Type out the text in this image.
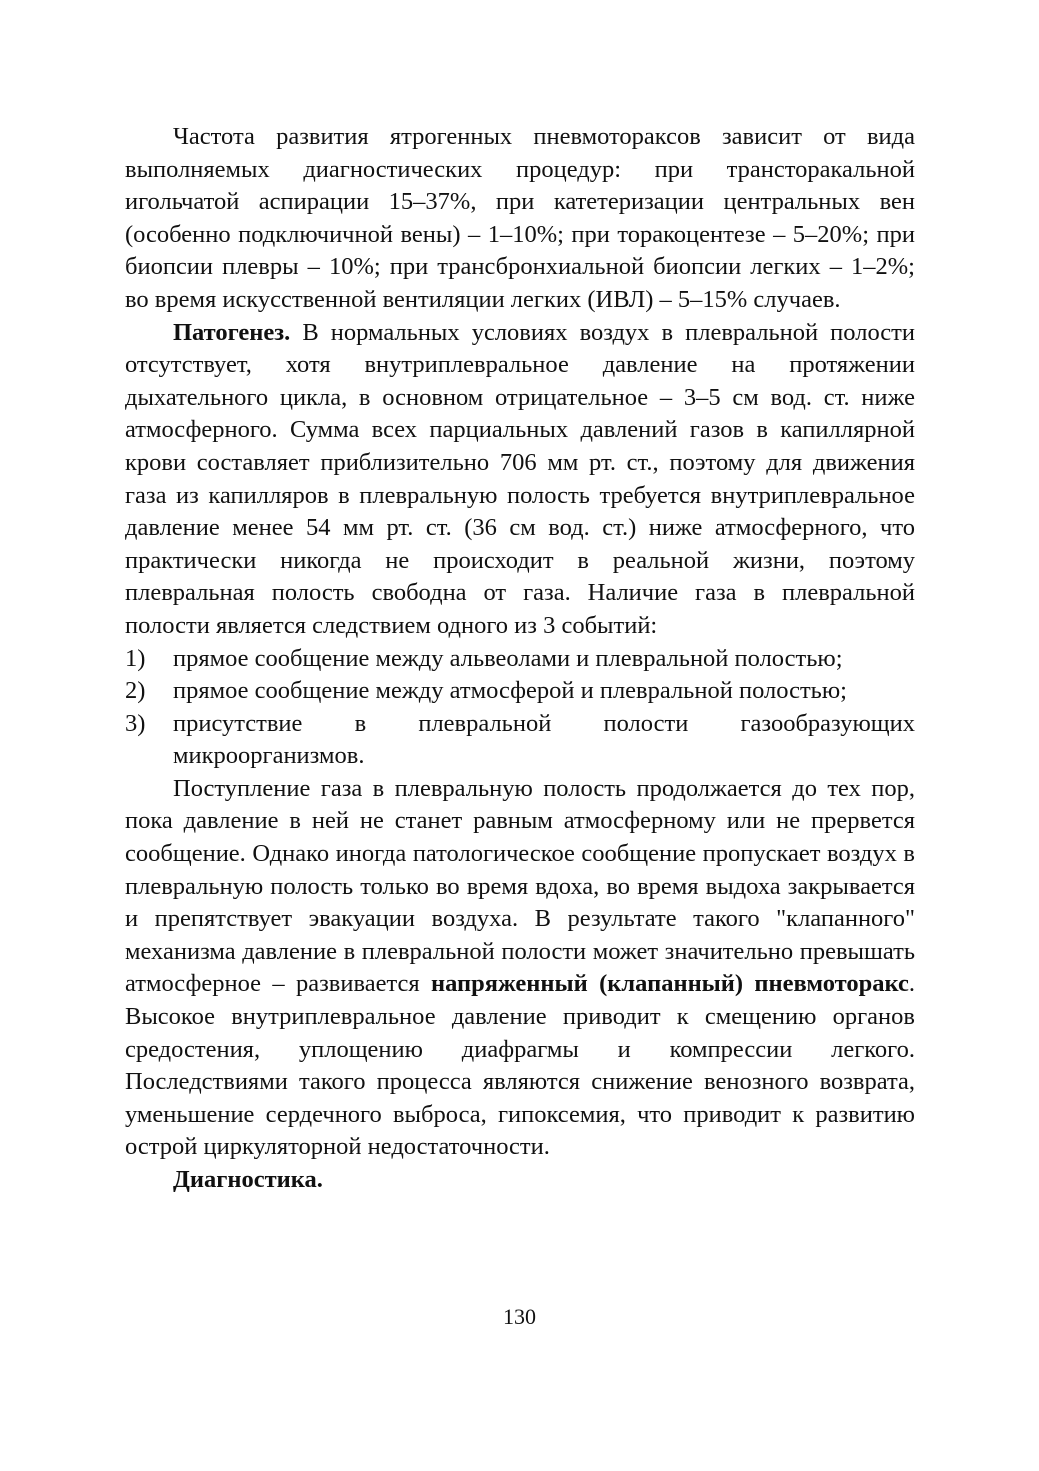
Частота развития ятрогенных пневмотораксов зависит от вида выполняемых диагностических процедур: при трансторакальной игольчатой аспирации 15–37%, при катетеризации центральных вен (особенно подключичной вены) – 1–10%; при торакоцентезе – 5–20%; при биопсии плевры – 10%; при трансбронхиальной биопсии легких – 1–2%; во время искусственной вентиляции легких (ИВЛ) – 5–15% случаев.

Патогенез. В нормальных условиях воздух в плевральной полости отсутствует, хотя внутриплевральное давление на протяжении дыхательного цикла, в основном отрицательное – 3–5 см вод. ст. ниже атмосферного. Сумма всех парциальных давлений газов в капиллярной крови составляет приблизительно 706 мм рт. ст., поэтому для движения газа из капилляров в плевральную полость требуется внутриплевральное давление менее 54 мм рт. ст. (36 см вод. ст.) ниже атмосферного, что практически никогда не происходит в реальной жизни, поэтому плевральная полость свободна от газа. Наличие газа в плевральной полости является следствием одного из 3 событий:

1) прямое сообщение между альвеолами и плевральной полостью;
2) прямое сообщение между атмосферой и плевральной полостью;
3) присутствие в плевральной полости газообразующих микроорганизмов.

Поступление газа в плевральную полость продолжается до тех пор, пока давление в ней не станет равным атмосферному или не прервется сообщение. Однако иногда патологическое сообщение пропускает воздух в плевральную полость только во время вдоха, во время выдоха закрывается и препятствует эвакуации воздуха. В результате такого "клапанного" механизма давление в плевральной полости может значительно превышать атмосферное – развивается напряженный (клапанный) пневмоторакс. Высокое внутриплевральное давление приводит к смещению органов средостения, уплощению диафрагмы и компрессии легкого. Последствиями такого процесса являются снижение венозного возврата, уменьшение сердечного выброса, гипоксемия, что приводит к развитию острой циркуляторной недостаточности.

Диагностика.

130
